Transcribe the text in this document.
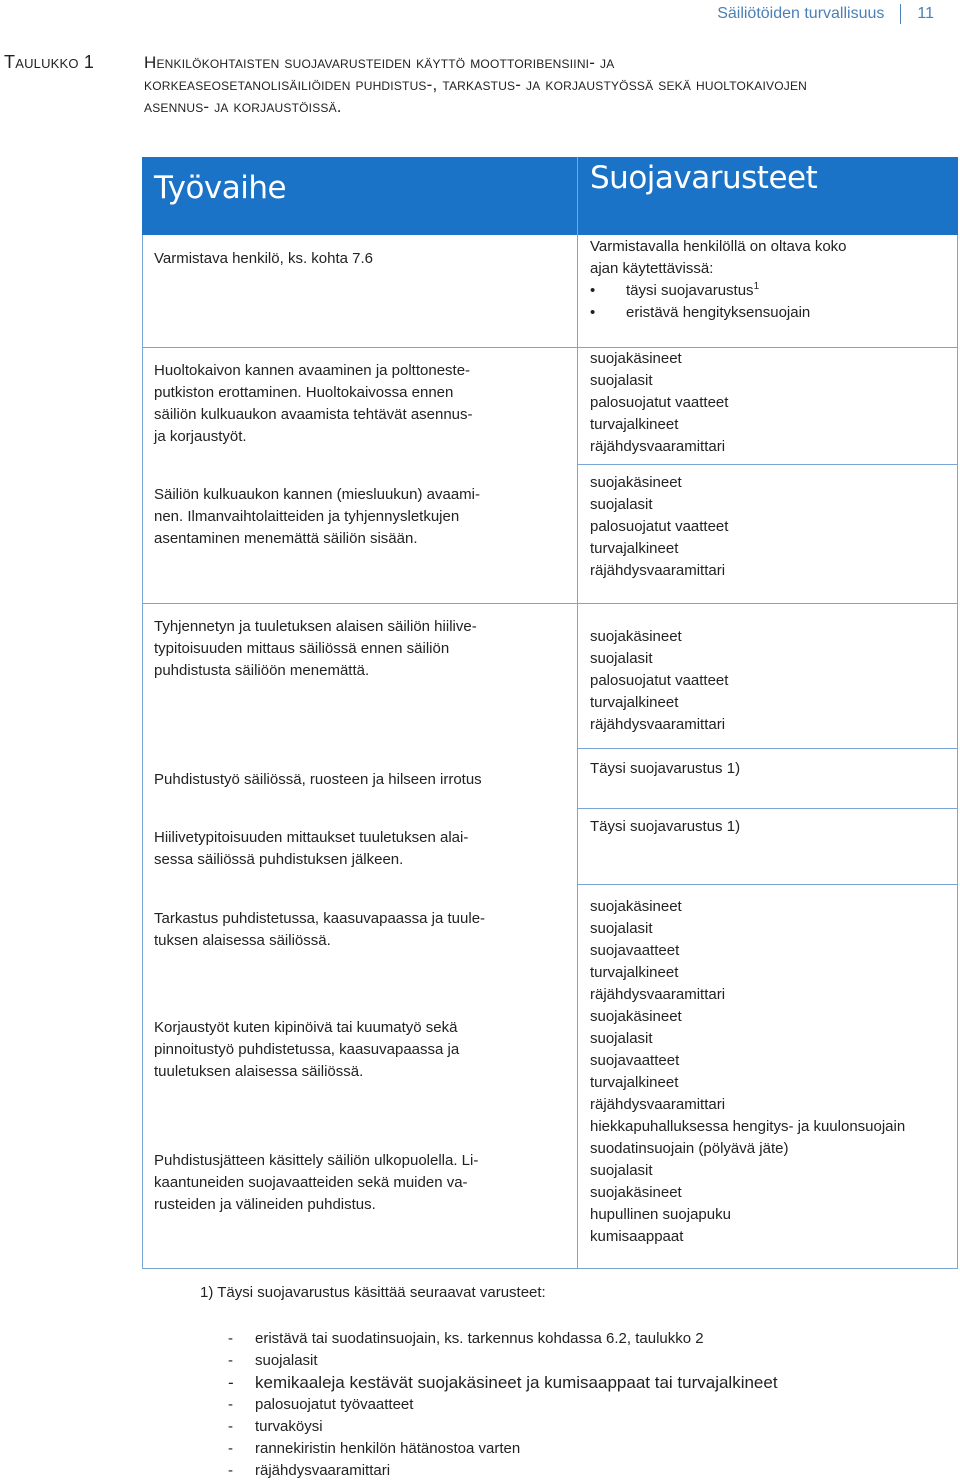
Säiliötöiden turvallisuus 11
Taulukko 1	Henkilökohtaisten suojavarusteiden käyttö moottoribensiini- ja
korkeaseosetanolisäiliöiden puhdistus-, tarkastus- ja korjaustyössä sekä huoltokaivojen
asennus- ja korjaustöissä.
Työvaihe	Suojavarusteet
Varmistava henkilö, ks. kohta 7.6
Varmistavalla henkilöllä on oltava koko
ajan käytettävissä:
• täysi suojavarustus$^1$
• eristävä hengityksensuojain
Huoltokaivon kannen avaaminen ja polttoneste-
putkiston erottaminen. Huoltokaivossa ennen
säiliön kulkuaukon avaamista tehtävät asennus-
ja korjaustyöt.
suojakäsineet
suojalasit
palosuojatut vaatteet
turvajalkineet
räjähdysvaaramittari
Säiliön kulkuaukon kannen (miesluukun) avaami-
nen. Ilmanvaihtolaitteiden ja tyhjennysletkujen
asentaminen menemättä säiliön sisään.
suojakäsineet
suojalasit
palosuojatut vaatteet
turvajalkineet
räjähdysvaaramittari
Tyhjennetyn ja tuuletuksen alaisen säiliön hiilive-
typitoisuuden mittaus säiliössä ennen säiliön
puhdistusta säiliöön menemättä.
suojakäsineet
suojalasit
palosuojatut vaatteet
turvajalkineet
räjähdysvaaramittari
Puhdistustyö säiliössä, ruosteen ja hilseen irrotus
Täysi suojavarustus 1)
Hiilivetypitoisuuden mittaukset tuuletuksen alai-
sessa säiliössä puhdistuksen jälkeen.
Täysi suojavarustus 1)
Tarkastus puhdistetussa, kaasuvapaassa ja tuule-
tuksen alaisessa säiliössä.
suojakäsineet
suojalasit
suojavaatteet
turvajalkineet
räjähdysvaaramittari
Korjaustyöt kuten kipinöivä tai kuumatyö sekä
pinnoitustyö puhdistetussa, kaasuvapaassa ja
tuuletuksen alaisessa säiliössä.
suojakäsineet
suojalasit
suojavaatteet
turvajalkineet
räjähdysvaaramittari
hiekkapuhalluksessa hengitys- ja kuulonsuojain
Puhdistusjätteen käsittely säiliön ulkopuolella. Li-
kaantuneiden suojavaatteiden sekä muiden va-
rusteiden ja välineiden puhdistus.
suodatinsuojain (pölyävä jäte)
suojalasit
suojakäsineet
hupullinen suojapuku
kumisaappaat
1) Täysi suojavarustus käsittää seuraavat varusteet:
- eristävä tai suodatinsuojain, ks. tarkennus kohdassa 6.2, taulukko 2
- suojalasit
- kemikaaleja kestävät suojakäsineet ja kumisaappaat tai turvajalkineet
- palosuojatut työvaatteet
- turvaköysi
- rannekiristin henkilön hätänostoa varten
- räjähdysvaaramittari
